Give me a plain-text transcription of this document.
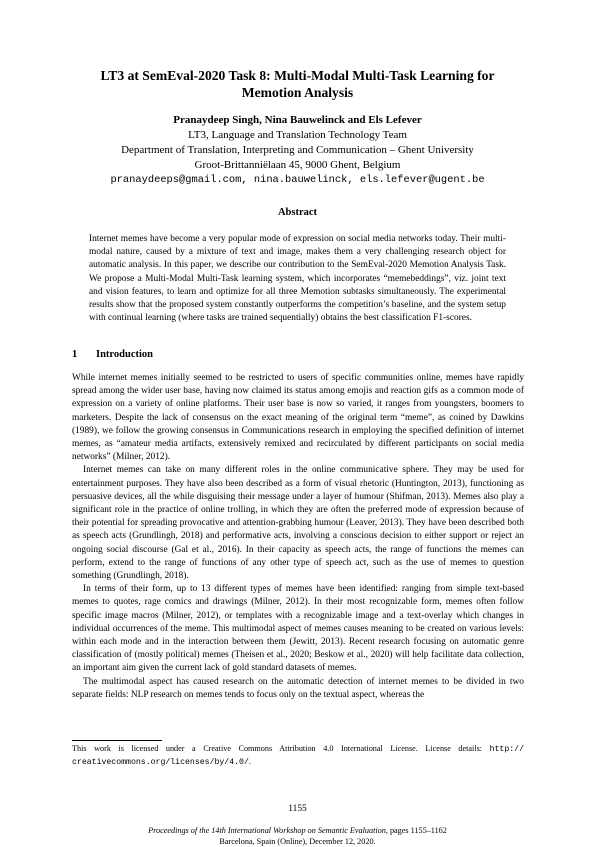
LT3 at SemEval-2020 Task 8: Multi-Modal Multi-Task Learning for
Memotion Analysis
Pranaydeep Singh, Nina Bauwelinck and Els Lefever
LT3, Language and Translation Technology Team
Department of Translation, Interpreting and Communication – Ghent University
Groot-Brittanniëlaan 45, 9000 Ghent, Belgium
pranaydeeps@gmail.com, nina.bauwelinck, els.lefever@ugent.be
Abstract
Internet memes have become a very popular mode of expression on social media networks today. Their multi-modal nature, caused by a mixture of text and image, makes them a very challenging research object for automatic analysis. In this paper, we describe our contribution to the SemEval-2020 Memotion Analysis Task. We propose a Multi-Modal Multi-Task learning system, which incorporates “memebeddings”, viz. joint text and vision features, to learn and optimize for all three Memotion subtasks simultaneously. The experimental results show that the proposed system constantly outperforms the competition’s baseline, and the system setup with continual learning (where tasks are trained sequentially) obtains the best classification F1-scores.
1 Introduction

While internet memes initially seemed to be restricted to users of specific communities online, memes have rapidly spread among the wider user base, having now claimed its status among emojis and reaction gifs as a common mode of expression on a variety of online platforms. Their user base is now so varied, it ranges from youngsters, boomers to marketers. Despite the lack of consensus on the exact meaning of the original term “meme”, as coined by Dawkins (1989), we follow the growing consensus in Communications research in employing the specified definition of internet memes, as “amateur media artifacts, extensively remixed and recirculated by different participants on social media networks” (Milner, 2012).

Internet memes can take on many different roles in the online communicative sphere. They may be used for entertainment purposes. They have also been described as a form of visual rhetoric (Huntington, 2013), functioning as persuasive devices, all the while disguising their message under a layer of humour (Shifman, 2013). Memes also play a significant role in the practice of online trolling, in which they are often the preferred mode of expression because of their potential for spreading provocative and attention-grabbing humour (Leaver, 2013). They have been described both as speech acts (Grundlingh, 2018) and performative acts, involving a conscious decision to either support or reject an ongoing social discourse (Gal et al., 2016). In their capacity as speech acts, the range of functions the memes can perform, extend to the range of functions of any other type of speech act, such as the use of memes to question something (Grundlingh, 2018).

In terms of their form, up to 13 different types of memes have been identified: ranging from simple text-based memes to quotes, rage comics and drawings (Milner, 2012). In their most recognizable form, memes often follow specific image macros (Milner, 2012), or templates with a recognizable image and a text-overlay which changes in individual occurrences of the meme. This multimodal aspect of memes causes meaning to be created on various levels: within each mode and in the interaction between them (Jewitt, 2013). Recent research focusing on automatic genre classification of (mostly political) memes (Theisen et al., 2020; Beskow et al., 2020) will help facilitate data collection, an important aim given the current lack of gold standard datasets of memes.

The multimodal aspect has caused research on the automatic detection of internet memes to be divided in two separate fields: NLP research on memes tends to focus only on the textual aspect, whereas the

This work is licensed under a Creative Commons Attribution 4.0 International License. License details: http:// creativecommons.org/licenses/by/4.0/.
1155
Proceedings of the 14th International Workshop on Semantic Evaluation, pages 1155–1162
Barcelona, Spain (Online), December 12, 2020.
